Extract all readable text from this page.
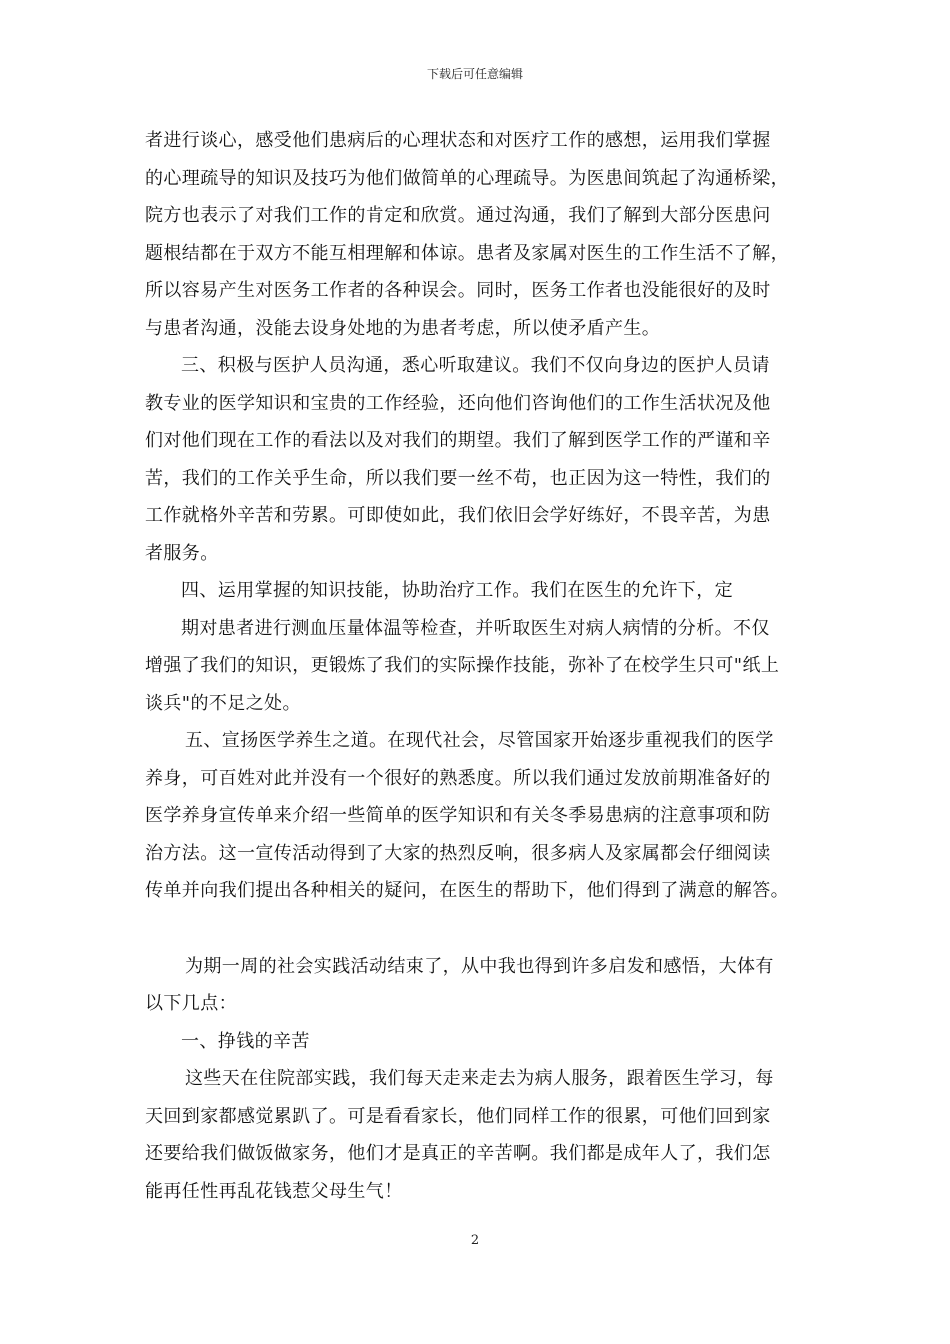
下载后可任意编辑
者进行谈心，感受他们患病后的心理状态和对医疗工作的感想，运用我们掌握
的心理疏导的知识及技巧为他们做简单的心理疏导。为医患间筑起了沟通桥梁，
院方也表示了对我们工作的肯定和欣赏。通过沟通，我们了解到大部分医患问
题根结都在于双方不能互相理解和体谅。患者及家属对医生的工作生活不了解，
所以容易产生对医务工作者的各种误会。同时，医务工作者也没能很好的及时
与患者沟通，没能去设身处地的为患者考虑，所以使矛盾产生。
三、积极与医护人员沟通，悉心听取建议。我们不仅向身边的医护人员请
教专业的医学知识和宝贵的工作经验，还向他们咨询他们的工作生活状况及他
们对他们现在工作的看法以及对我们的期望。我们了解到医学工作的严谨和辛
苦，我们的工作关乎生命，所以我们要一丝不苟，也正因为这一特性，我们的
工作就格外辛苦和劳累。可即使如此，我们依旧会学好练好，不畏辛苦，为患
者服务。
四、运用掌握的知识技能，协助治疗工作。我们在医生的允许下，定
期对患者进行测血压量体温等检查，并听取医生对病人病情的分析。不仅
增强了我们的知识，更锻炼了我们的实际操作技能，弥补了在校学生只可"纸上
谈兵"的不足之处。
五、宣扬医学养生之道。在现代社会，尽管国家开始逐步重视我们的医学
养身，可百姓对此并没有一个很好的熟悉度。所以我们通过发放前期准备好的
医学养身宣传单来介绍一些简单的医学知识和有关冬季易患病的注意事项和防
治方法。这一宣传活动得到了大家的热烈反响，很多病人及家属都会仔细阅读
传单并向我们提出各种相关的疑问，在医生的帮助下，他们得到了满意的解答。
为期一周的社会实践活动结束了，从中我也得到许多启发和感悟，大体有
以下几点：
一、挣钱的辛苦
这些天在住院部实践，我们每天走来走去为病人服务，跟着医生学习，每
天回到家都感觉累趴了。可是看看家长，他们同样工作的很累，可他们回到家
还要给我们做饭做家务，他们才是真正的辛苦啊。我们都是成年人了，我们怎
能再任性再乱花钱惹父母生气！
2
